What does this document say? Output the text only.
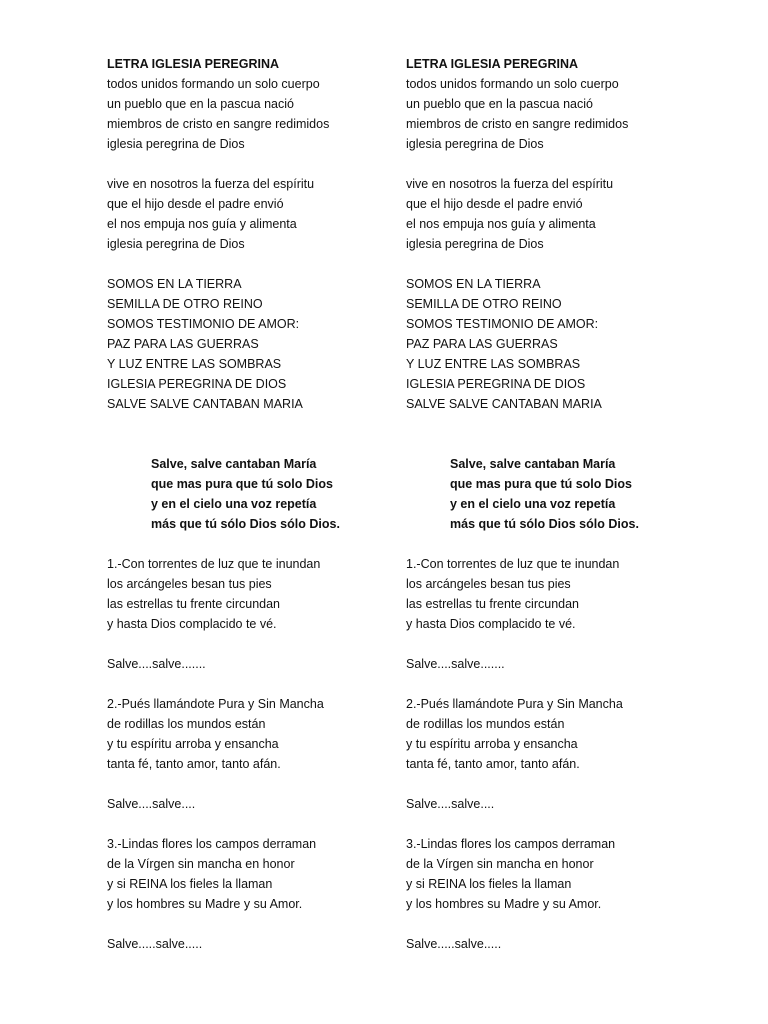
LETRA IGLESIA PEREGRINA
todos unidos formando un solo cuerpo
un pueblo que en la pascua nació
miembros de cristo en sangre redimidos
iglesia peregrina de Dios
vive en nosotros la fuerza del espíritu
que el hijo desde el padre envió
el nos empuja nos guía y alimenta
iglesia peregrina de Dios
SOMOS EN LA TIERRA
SEMILLA DE OTRO REINO
SOMOS TESTIMONIO DE AMOR:
PAZ PARA LAS GUERRAS
Y LUZ ENTRE LAS SOMBRAS
IGLESIA PEREGRINA DE DIOS
SALVE SALVE CANTABAN MARIA
Salve, salve cantaban María
que mas pura que tú solo Dios
y en el cielo una voz repetía
más que tú sólo Dios sólo Dios.
1.-Con torrentes de luz que te inundan
los arcángeles besan tus pies
las estrellas tu frente circundan
y hasta Dios complacido te vé.
Salve....salve.......
2.-Pués llamándote Pura y Sin Mancha
de rodillas los mundos están
y tu espíritu arroba y ensancha
tanta fé, tanto amor, tanto afán.
Salve....salve....
3.-Lindas flores los campos derraman
de la Vírgen sin mancha en honor
y si REINA los fieles la llaman
y los hombres su Madre y su Amor.
Salve.....salve.....
LETRA IGLESIA PEREGRINA
todos unidos formando un solo cuerpo
un pueblo que en la pascua nació
miembros de cristo en sangre redimidos
iglesia peregrina de Dios
vive en nosotros la fuerza del espíritu
que el hijo desde el padre envió
el nos empuja nos guía y alimenta
iglesia peregrina de Dios
SOMOS EN LA TIERRA
SEMILLA DE OTRO REINO
SOMOS TESTIMONIO DE AMOR:
PAZ PARA LAS GUERRAS
Y LUZ ENTRE LAS SOMBRAS
IGLESIA PEREGRINA DE DIOS
SALVE SALVE CANTABAN MARIA
Salve, salve cantaban María
que mas pura que tú solo Dios
y en el cielo una voz repetía
más que tú sólo Dios sólo Dios.
1.-Con torrentes de luz que te inundan
los arcángeles besan tus pies
las estrellas tu frente circundan
y hasta Dios complacido te vé.
Salve....salve.......
2.-Pués llamándote Pura y Sin Mancha
de rodillas los mundos están
y tu espíritu arroba y ensancha
tanta fé, tanto amor, tanto afán.
Salve....salve....
3.-Lindas flores los campos derraman
de la Vírgen sin mancha en honor
y si REINA los fieles la llaman
y los hombres su Madre y su Amor.
Salve.....salve.....
